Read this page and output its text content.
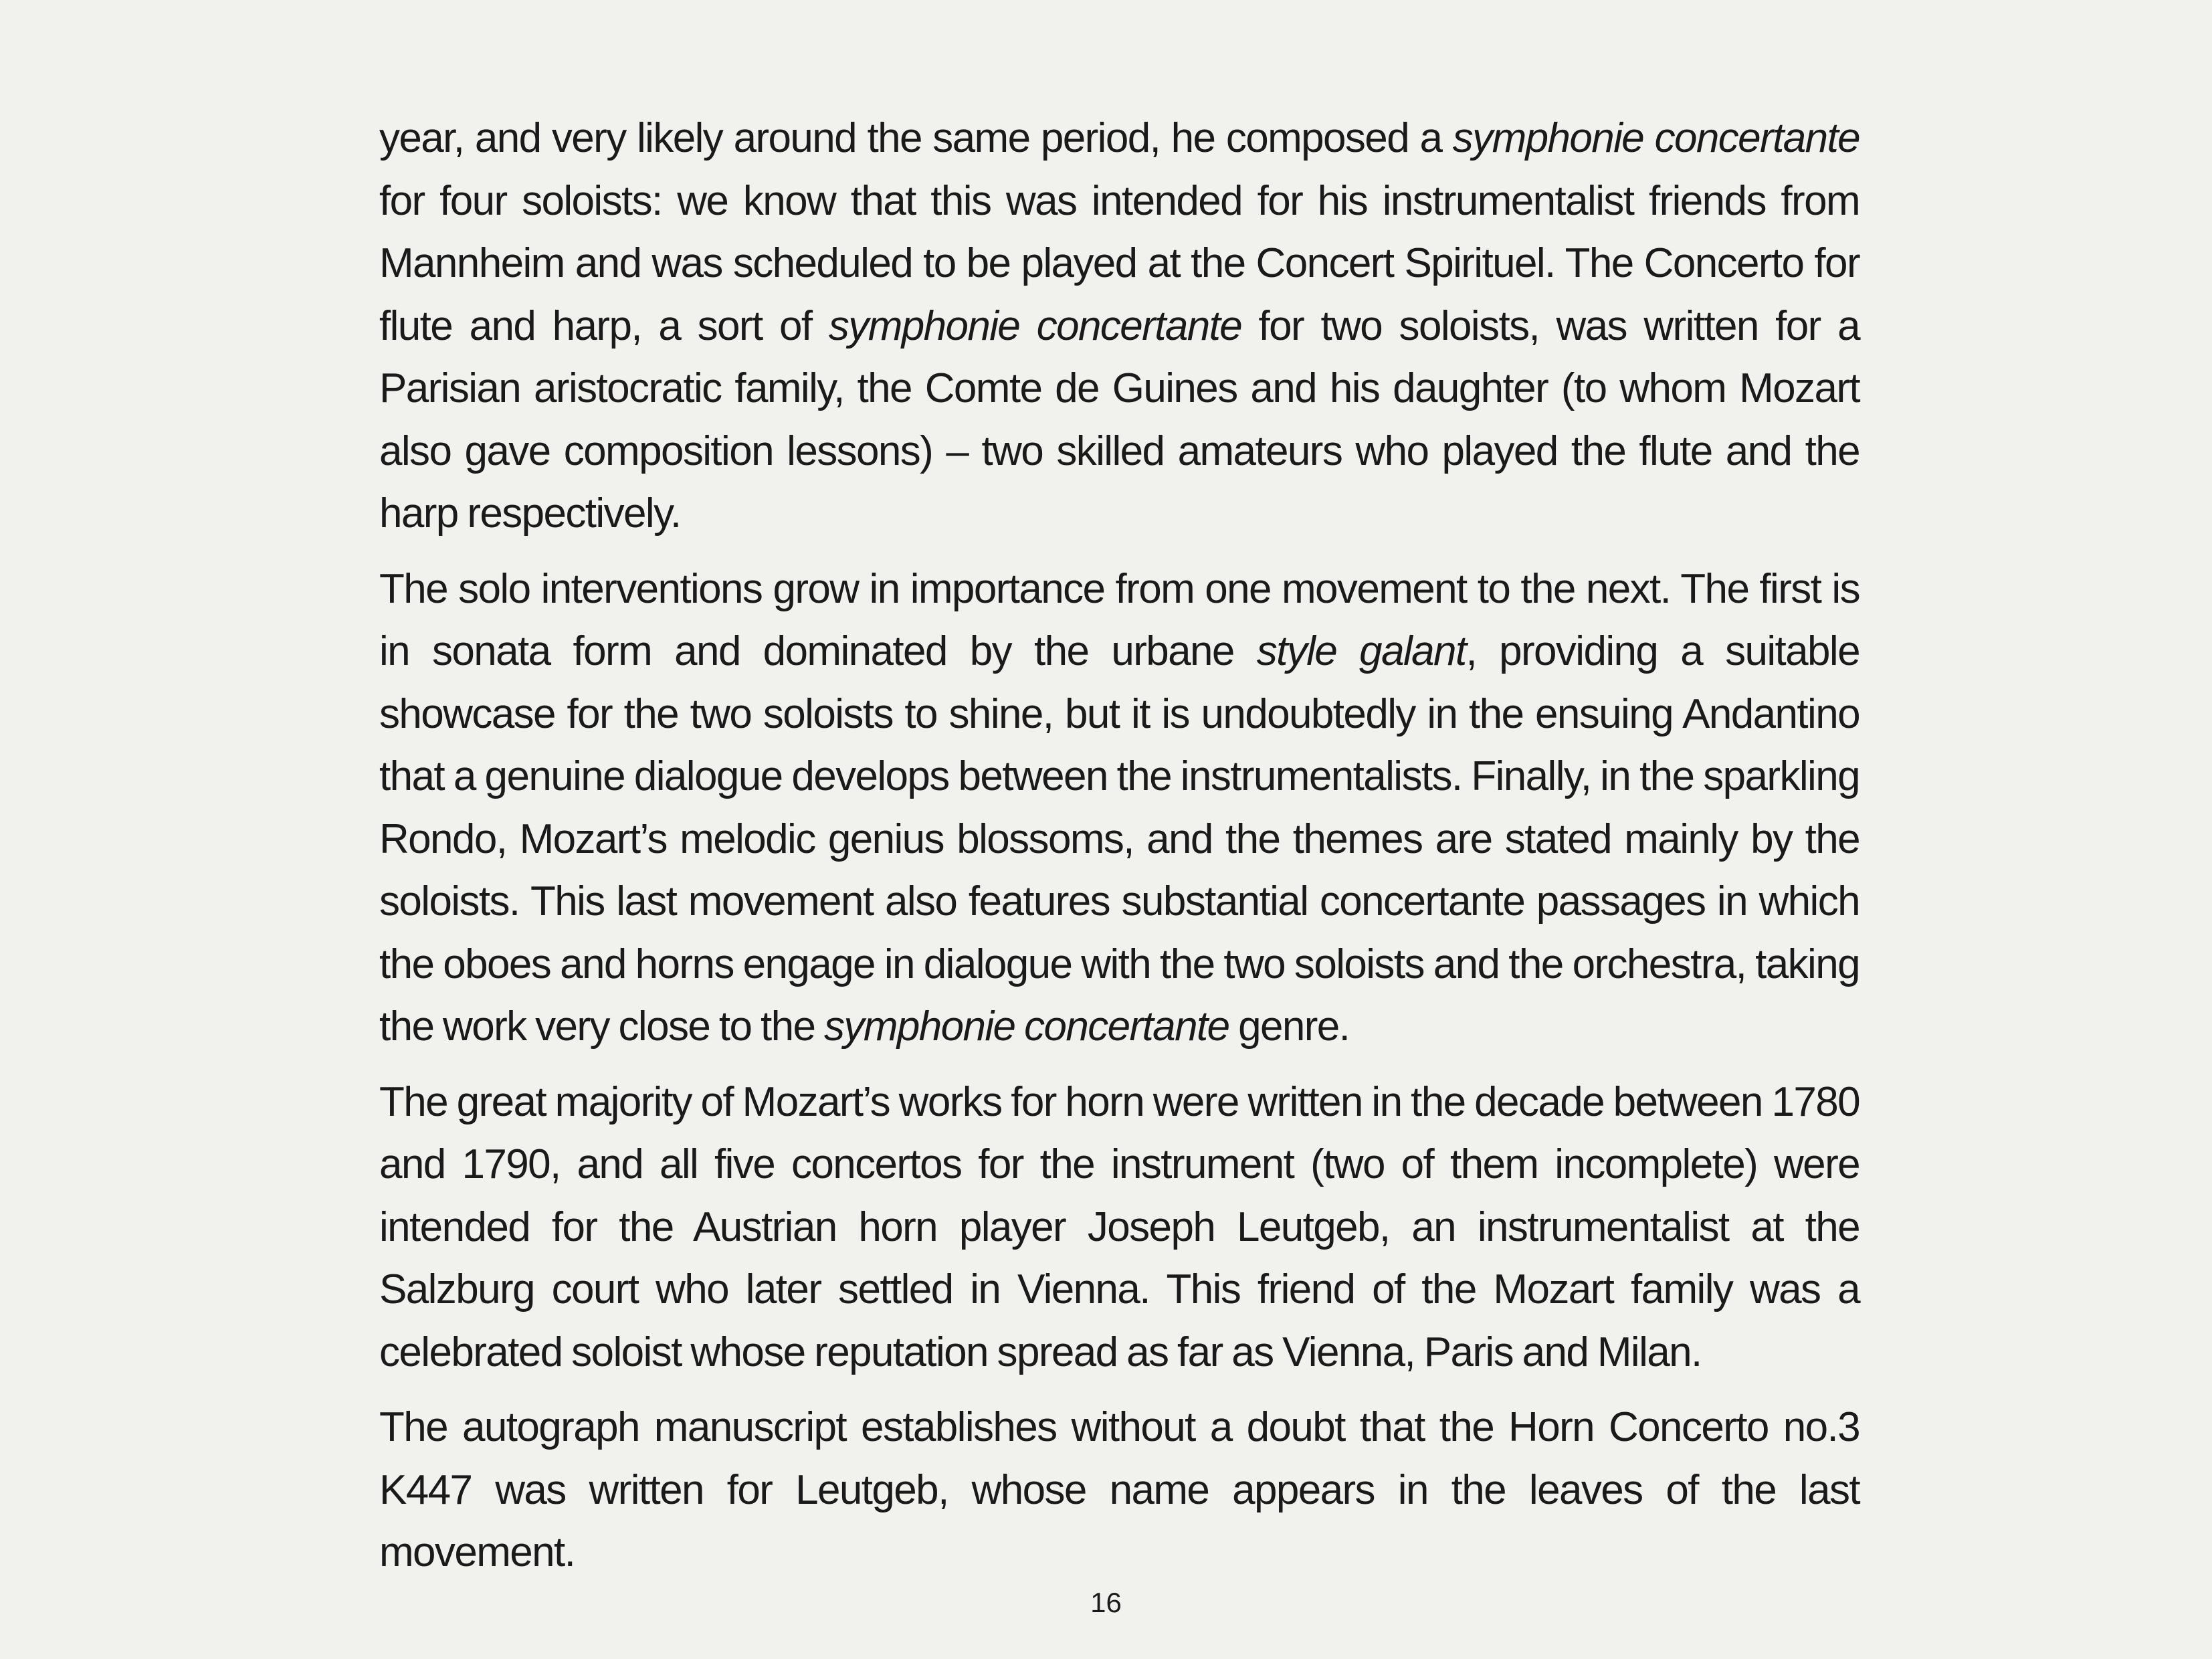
year, and very likely around the same period, he composed a symphonie concertante for four soloists: we know that this was intended for his instrumentalist friends from Mannheim and was scheduled to be played at the Concert Spirituel. The Concerto for flute and harp, a sort of symphonie concertante for two soloists, was written for a Parisian aristocratic family, the Comte de Guines and his daughter (to whom Mozart also gave composition lessons) – two skilled amateurs who played the flute and the harp respectively.

The solo interventions grow in importance from one movement to the next. The first is in sonata form and dominated by the urbane style galant, providing a suitable showcase for the two soloists to shine, but it is undoubtedly in the ensuing Andantino that a genuine dialogue develops between the instrumentalists. Finally, in the sparkling Rondo, Mozart’s melodic genius blossoms, and the themes are stated mainly by the soloists. This last movement also features substantial concertante passages in which the oboes and horns engage in dialogue with the two soloists and the orchestra, taking the work very close to the symphonie concertante genre.

The great majority of Mozart’s works for horn were written in the decade between 1780 and 1790, and all five concertos for the instrument (two of them incomplete) were intended for the Austrian horn player Joseph Leutgeb, an instrumentalist at the Salzburg court who later settled in Vienna. This friend of the Mozart family was a celebrated soloist whose reputation spread as far as Vienna, Paris and Milan.

The autograph manuscript establishes without a doubt that the Horn Concerto no.3 K447 was written for Leutgeb, whose name appears in the leaves of the last movement.

16
